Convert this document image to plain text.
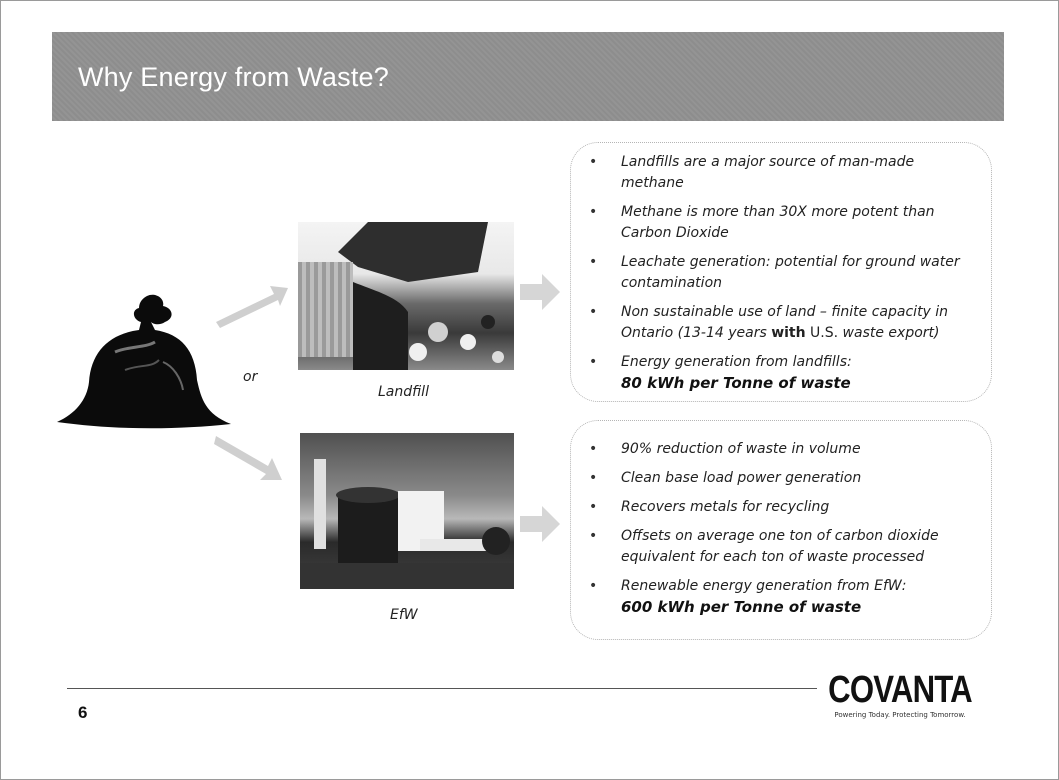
Why Energy from Waste?
or
Landfill
EfW
• Landfills are a major source of man-made methane
• Methane is more than 30X more potent than Carbon Dioxide
• Leachate generation: potential for ground water contamination
• Non sustainable use of land – finite capacity in Ontario (13-14 years with U.S. waste export)
• Energy generation from landfills:
80 kWh per Tonne of waste
• 90% reduction of waste in volume
• Clean base load power generation
• Recovers metals for recycling
• Offsets on average one ton of carbon dioxide equivalent for each ton of waste processed
• Renewable energy generation from EfW:
600 kWh per Tonne of waste
6
COVANTA
Powering Today. Protecting Tomorrow.
